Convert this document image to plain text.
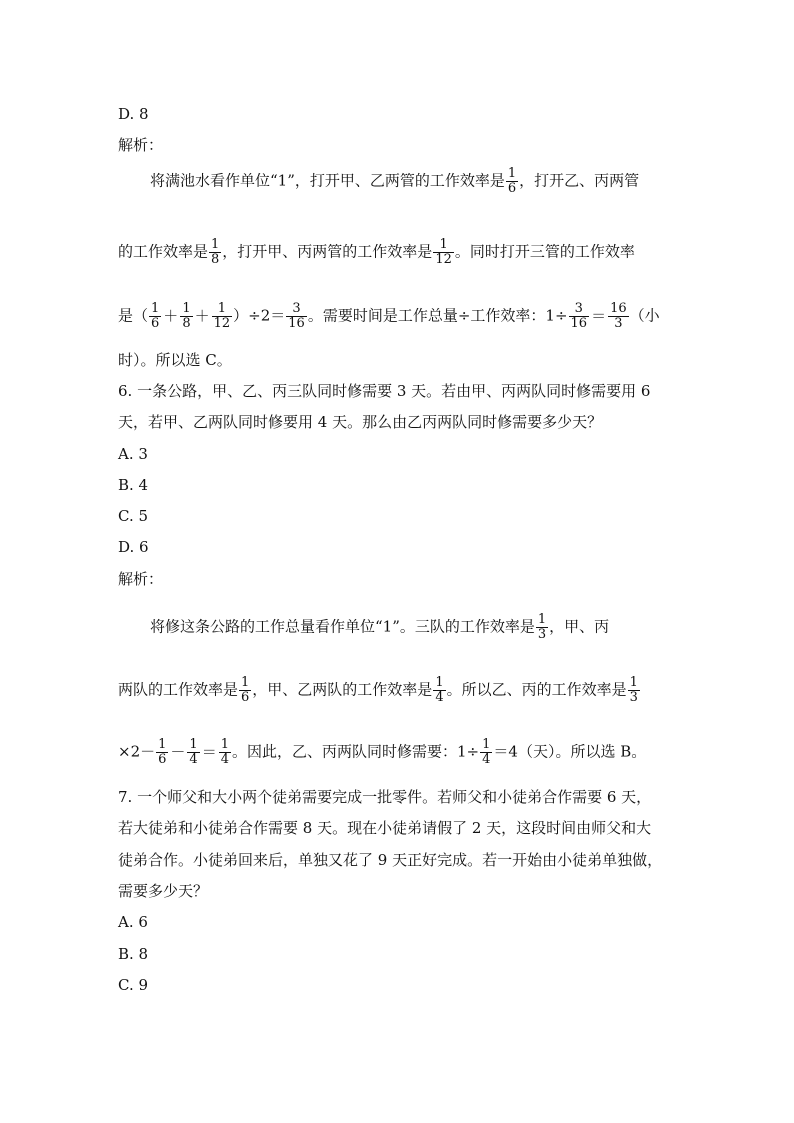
D. 8
解析：
将满池水看作单位“1”，打开甲、乙两管的工作效率是 $\frac{1}{6}$ ，打开乙、丙两管
的工作效率是 $\frac{1}{8}$ ，打开甲、丙两管的工作效率是 $\frac{1}{12}$ 。同时打开三管的工作效率
是（ $\frac{1}{6} + \frac{1}{8} + \frac{1}{12} )\div 2= \frac{3}{16}$ 。需要时间是工作总量÷工作效率：$1\div \frac{3}{16} = \frac{16}{3}$ （小
时）。所以选 C。
6. 一条公路，甲、乙、丙三队同时修需要 3 天。若由甲、丙两队同时修需要用 6
天，若甲、乙两队同时修要用 4 天。那么由乙丙两队同时修需要多少天？
A. 3
B. 4
C. 5
D. 6
解析：
将修这条公路的工作总量看作单位“1”。三队的工作效率是 $\frac{1}{3}$ ，甲、丙
两队的工作效率是 $\frac{1}{6}$ ，甲、乙两队的工作效率是 $\frac{1}{4}$ 。所以乙、丙的工作效率是 $\frac{1}{3}$
$\times 2- \frac{1}{6} - \frac{1}{4} = \frac{1}{4}$ 。因此，乙、丙两队同时修需要：$1\div \frac{1}{4} =4$（天）。所以选 B。
7. 一个师父和大小两个徒弟需要完成一批零件。若师父和小徒弟合作需要 6 天，
若大徒弟和小徒弟合作需要 8 天。现在小徒弟请假了 2 天，这段时间由师父和大
徒弟合作。小徒弟回来后，单独又花了 9 天正好完成。若一开始由小徒弟单独做，
需要多少天？
A. 6
B. 8
C. 9
